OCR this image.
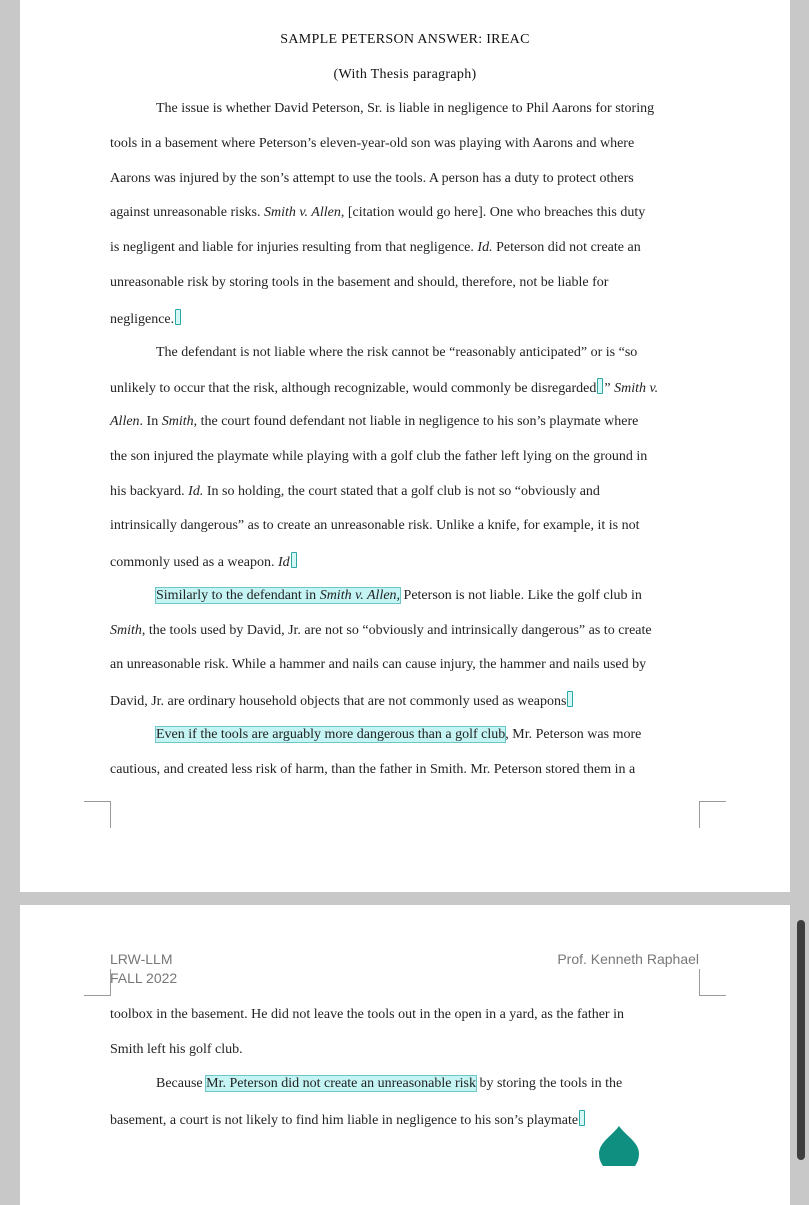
SAMPLE PETERSON ANSWER: IREAC
(With Thesis paragraph)
The issue is whether David Peterson, Sr. is liable in negligence to Phil Aarons for storing
tools in a basement where Peterson’s eleven-year-old son was playing with Aarons and where
Aarons was injured by the son’s attempt to use the tools. A person has a duty to protect others
against unreasonable risks. Smith v. Allen, [citation would go here]. One who breaches this duty
is negligent and liable for injuries resulting from that negligence. Id. Peterson did not create an
unreasonable risk by storing tools in the basement and should, therefore, not be liable for
negligence.
The defendant is not liable where the risk cannot be “reasonably anticipated” or is “so
unlikely to occur that the risk, although recognizable, would commonly be disregarded ” Smith v.
Allen. In Smith, the court found defendant not liable in negligence to his son’s playmate where
the son injured the playmate while playing with a golf club the father left lying on the ground in
his backyard. Id. In so holding, the court stated that a golf club is not so “obviously and
intrinsically dangerous” as to create an unreasonable risk. Unlike a knife, for example, it is not
commonly used as a weapon. Id
Similarly to the defendant in Smith v. Allen, Peterson is not liable. Like the golf club in
Smith, the tools used by David, Jr. are not so “obviously and intrinsically dangerous” as to create
an unreasonable risk. While a hammer and nails can cause injury, the hammer and nails used by
David, Jr. are ordinary household objects that are not commonly used as weapons
Even if the tools are arguably more dangerous than a golf club, Mr. Peterson was more
cautious, and created less risk of harm, than the father in Smith. Mr. Peterson stored them in a
LRW-LLM
FALL 2022
Prof. Kenneth Raphael
toolbox in the basement. He did not leave the tools out in the open in a yard, as the father in
Smith left his golf club.
Because Mr. Peterson did not create an unreasonable risk by storing the tools in the
basement, a court is not likely to find him liable in negligence to his son’s playmate
